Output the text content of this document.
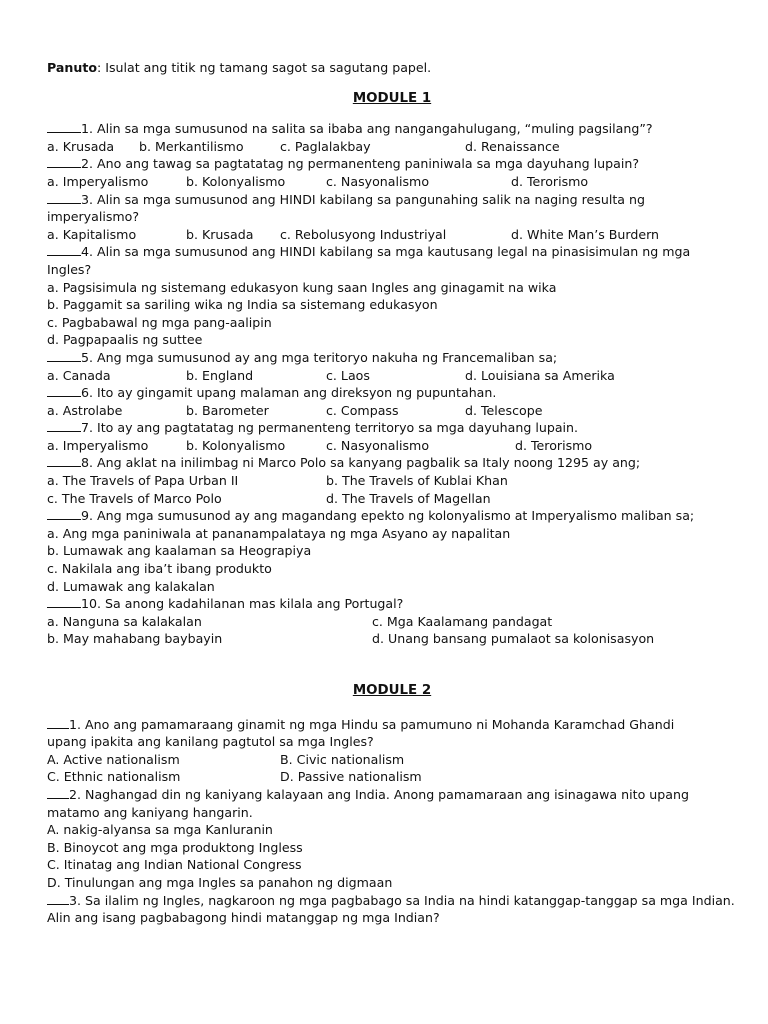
Panuto: Isulat ang titik ng tamang sagot sa sagutang papel.
MODULE 1
1. Alin sa mga sumusunod na salita sa ibaba ang nangangahulugang, “muling pagsilang”?
a. Krusada b. Merkantilismo	c. Paglalakbay	d. Renaissance
2. Ano ang tawag sa pagtatatag ng permanenteng paniniwala sa mga dayuhang lupain?
a. Imperyalismo	b. Kolonyalismo	c. Nasyonalismo	d. Terorismo
3. Alin sa mga sumusunod ang HINDI kabilang sa pangunahing salik na naging resulta ng imperyalismo?
a. Kapitalismo	b. Krusada c. Rebolusyong Industriyal	d. White Man’s Burdern
4. Alin sa mga sumusunod ang HINDI kabilang sa mga kautusang legal na pinasisimulan ng mga Ingles?
a. Pagsisimula ng sistemang edukasyon kung saan Ingles ang ginagamit na wika
b. Paggamit sa sariling wika ng India sa sistemang edukasyon
c. Pagbabawal ng mga pang-aalipin
d. Pagpapaalis ng suttee
5. Ang mga sumusunod ay ang mga teritoryo nakuha ng Francemaliban sa;
a. Canada	b. England	c. Laos	d. Louisiana sa Amerika
6. Ito ay gingamit upang malaman ang direksyon ng pupuntahan.
a. Astrolabe	b. Barometer	c. Compass	d. Telescope
7. Ito ay ang pagtatatag ng permanenteng territoryo sa mga dayuhang lupain.
a. Imperyalismo	b. Kolonyalismo	c. Nasyonalismo	d. Terorismo
8. Ang aklat na inilimbag ni Marco Polo sa kanyang pagbalik sa Italy noong 1295 ay ang;
a. The Travels of Papa Urban II	b. The Travels of Kublai Khan
c. The Travels of Marco Polo	d. The Travels of Magellan
9. Ang mga sumusunod ay ang magandang epekto ng kolonyalismo at Imperyalismo maliban sa;
a. Ang mga paniniwala at pananampalataya ng mga Asyano ay napalitan
b. Lumawak ang kaalaman sa Heograpiya
c. Nakilala ang iba’t ibang produkto
d. Lumawak ang kalakalan
10. Sa anong kadahilanan mas kilala ang Portugal?
a. Nanguna sa kalakalan	c. Mga Kaalamang pandagat
b. May mahabang baybayin	d. Unang bansang pumalaot sa kolonisasyon
MODULE 2
1. Ano ang pamamaraang ginamit ng mga Hindu sa pamumuno ni Mohanda Karamchad Ghandi upang ipakita ang kanilang pagtutol sa mga Ingles?
A. Active nationalism	B. Civic nationalism
C. Ethnic nationalism	D. Passive nationalism
2. Naghangad din ng kaniyang kalayaan ang India. Anong pamamaraan ang isinagawa nito upang matamo ang kaniyang hangarin.
A. nakig-alyansa sa mga Kanluranin
B. Binoycot ang mga produktong Ingless
C. Itinatag ang Indian National Congress
D. Tinulungan ang mga Ingles sa panahon ng digmaan
3. Sa ilalim ng Ingles, nagkaroon ng mga pagbabago sa India na hindi katanggap-tanggap sa mga Indian. Alin ang isang pagbabagong hindi matanggap ng mga Indian?
